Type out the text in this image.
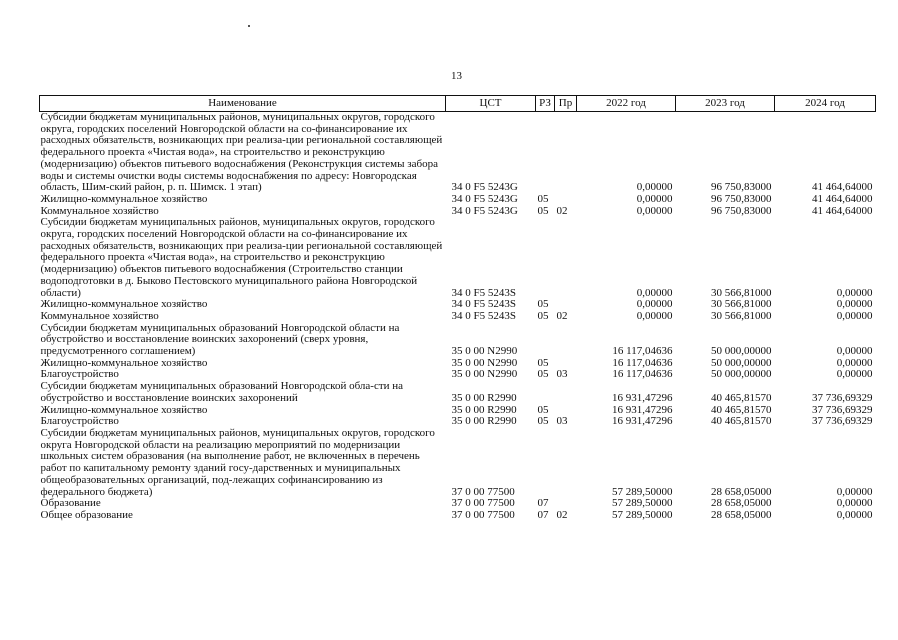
13
Наименование	ЦСТ	РЗ	Пр	2022 год	2023 год	2024 год
Субсидии бюджетам муниципальных районов, муниципальных округов, городского округа, городских поселений Новгородской области на со-финансирование их расходных обязательств, возникающих при реализа-ции региональной составляющей федерального проекта «Чистая вода», на строительство и реконструкцию (модернизацию) объектов питьевого водоснабжения (Реконструкция системы забора воды и системы очистки воды системы водоснабжения по адресу: Новгородская область, Шим-ский район, р. п. Шимск. 1 этап)	34 0 F5 5243G			0,00000	96 750,83000	41 464,64000
Жилищно-коммунальное хозяйство	34 0 F5 5243G	05		0,00000	96 750,83000	41 464,64000
Коммунальное хозяйство	34 0 F5 5243G	05	02	0,00000	96 750,83000	41 464,64000
Субсидии бюджетам муниципальных районов, муниципальных округов, городского округа, городских поселений Новгородской области на со-финансирование их расходных обязательств, возникающих при реализа-ции региональной составляющей федерального проекта «Чистая вода», на строительство и реконструкцию (модернизацию) объектов питьевого водоснабжения (Строительство станции водоподготовки в д. Быково Пестовского муниципального района Новгородской области)	34 0 F5 5243S			0,00000	30 566,81000	0,00000
Жилищно-коммунальное хозяйство	34 0 F5 5243S	05		0,00000	30 566,81000	0,00000
Коммунальное хозяйство	34 0 F5 5243S	05	02	0,00000	30 566,81000	0,00000
Субсидии бюджетам муниципальных образований Новгородской области на обустройство и восстановление воинских захоронений (сверх уровня, предусмотренного соглашением)	35 0 00 N2990			16 117,04636	50 000,00000	0,00000
Жилищно-коммунальное хозяйство	35 0 00 N2990	05		16 117,04636	50 000,00000	0,00000
Благоустройство	35 0 00 N2990	05	03	16 117,04636	50 000,00000	0,00000
Субсидии бюджетам муниципальных образований Новгородской обла-сти на обустройство и восстановление воинских захоронений	35 0 00 R2990			16 931,47296	40 465,81570	37 736,69329
Жилищно-коммунальное хозяйство	35 0 00 R2990	05		16 931,47296	40 465,81570	37 736,69329
Благоустройство	35 0 00 R2990	05	03	16 931,47296	40 465,81570	37 736,69329
Субсидии бюджетам муниципальных районов, муниципальных округов, городского округа Новгородской области на реализацию мероприятий по модернизации школьных систем образования (на выполнение работ, не включенных в перечень работ по капитальному ремонту зданий госу-дарственных и муниципальных общеобразовательных организаций, под-лежащих софинансированию из федерального бюджета)	37 0 00 77500			57 289,50000	28 658,05000	0,00000
Образование	37 0 00 77500	07		57 289,50000	28 658,05000	0,00000
Общее образование	37 0 00 77500	07	02	57 289,50000	28 658,05000	0,00000
